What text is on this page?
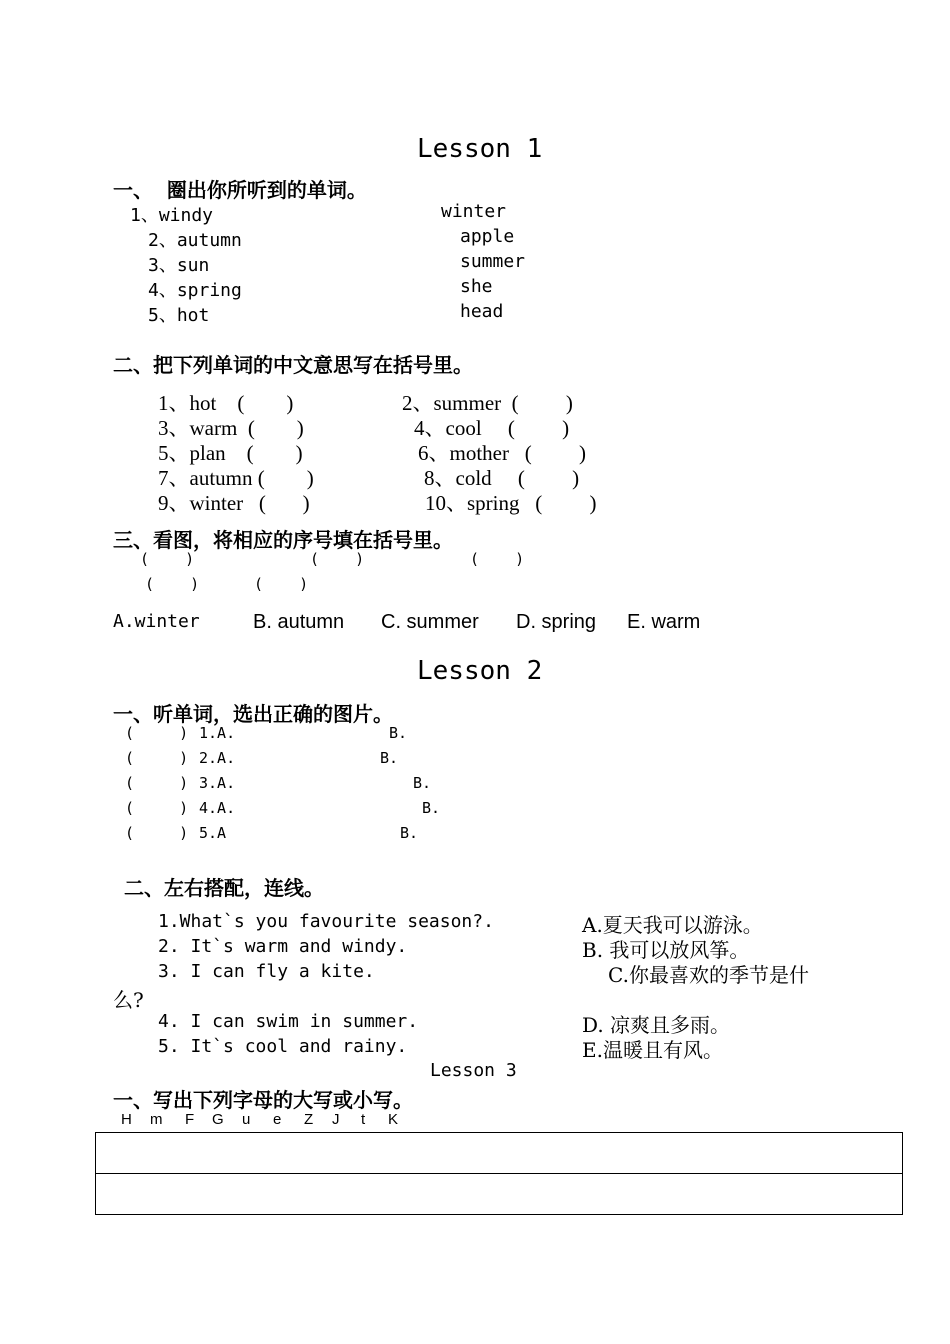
Lesson 1
一、  圈出你所听到的单词。
1、windy	winter
2、autumn	apple
3、sun	summer
4、spring	she
5、hot	head
二、把下列单词的中文意思写在括号里。
1、hot    (        )	2、summer  (         )
3、warm  (        )	4、cool     (         )
5、plan    (        )	6、mother   (         )
7、autumn (        )	8、cold     (         )
9、winter   (       )	10、spring   (         )
三、看图，将相应的序号填在括号里。
(    )	(    )	(    )
(    )	(    )
A.winter	B. autumn C. summer D. spring E. warm
Lesson 2
一、听单词，选出正确的图片。
(     ) 1.A.	B.
(     ) 2.A.	B.
(     ) 3.A.	B.
(     ) 4.A.	B.
(     ) 5.A	B.
二、左右搭配，连线。
1.What`s you favourite season?.
2. It`s warm and windy.
3. I can fly a kite.
4. I can swim in summer.
5. It`s cool and rainy.
A.夏天我可以游泳。
B. 我可以放风筝。
C.你最喜欢的季节是什
么?
D. 凉爽且多雨。
E.温暖且有风。
Lesson 3
一、写出下列字母的大写或小写。
H m F G u e Z J t K
